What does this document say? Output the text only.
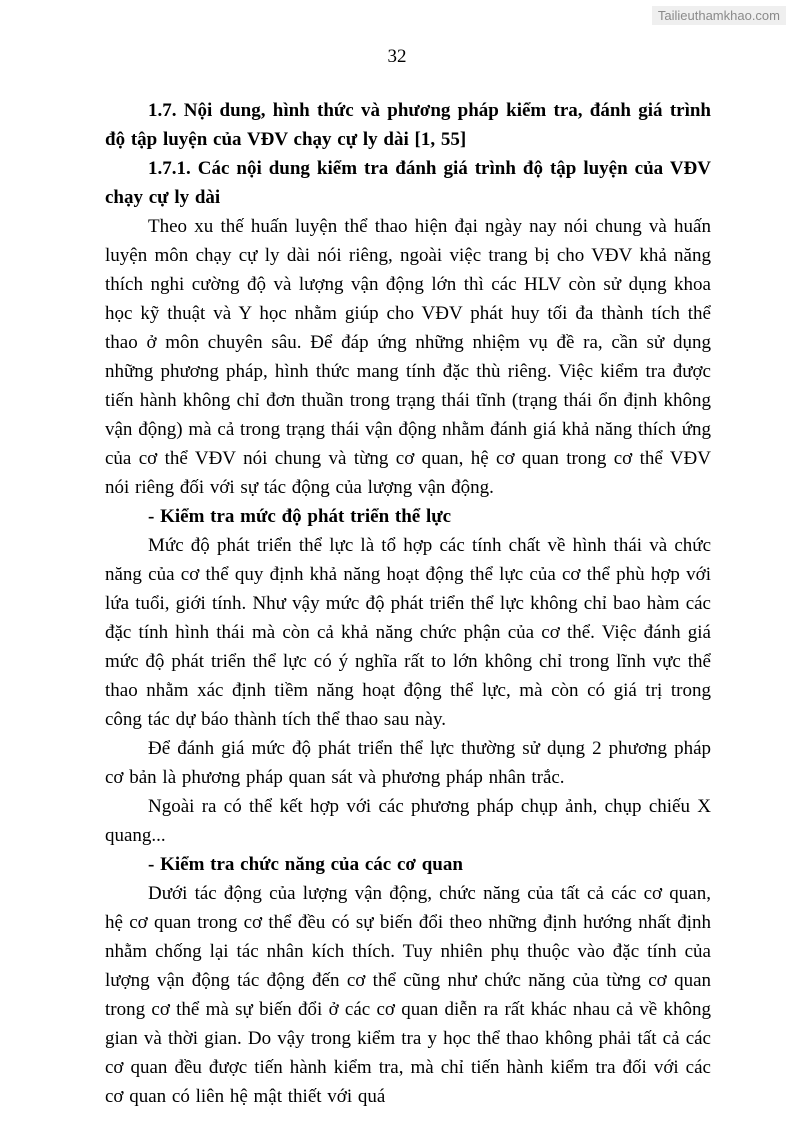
Tailieuthamkhao.com
32

1.7. Nội dung, hình thức và phương pháp kiểm tra, đánh giá trình độ tập luyện của VĐV chạy cự ly dài [1, 55]

1.7.1. Các nội dung kiểm tra đánh giá trình độ tập luyện của VĐV chạy cự ly dài

Theo xu thế huấn luyện thể thao hiện đại ngày nay nói chung và huấn luyện môn chạy cự ly dài nói riêng, ngoài việc trang bị cho VĐV khả năng thích nghi cường độ và lượng vận động lớn thì các HLV còn sử dụng khoa học kỹ thuật và Y học nhằm giúp cho VĐV phát huy tối đa thành tích thể thao ở môn chuyên sâu. Để đáp ứng những nhiệm vụ đề ra, cần sử dụng những phương pháp, hình thức mang tính đặc thù riêng. Việc kiểm tra được tiến hành không chỉ đơn thuần trong trạng thái tĩnh (trạng thái ổn định không vận động) mà cả trong trạng thái vận động nhằm đánh giá khả năng thích ứng của cơ thể VĐV nói chung và từng cơ quan, hệ cơ quan trong cơ thể VĐV nói riêng đối với sự tác động của lượng vận động.

- Kiểm tra mức độ phát triển thể lực

Mức độ phát triển thể lực là tổ hợp các tính chất về hình thái và chức năng của cơ thể quy định khả năng hoạt động thể lực của cơ thể phù hợp với lứa tuổi, giới tính. Như vậy mức độ phát triển thể lực không chỉ bao hàm các đặc tính hình thái mà còn cả khả năng chức phận của cơ thể. Việc đánh giá mức độ phát triển thể lực có ý nghĩa rất to lớn không chỉ trong lĩnh vực thể thao nhằm xác định tiềm năng hoạt động thể lực, mà còn có giá trị trong công tác dự báo thành tích thể thao sau này.

Để đánh giá mức độ phát triển thể lực thường sử dụng 2 phương pháp cơ bản là phương pháp quan sát và phương pháp nhân trắc.

Ngoài ra có thể kết hợp với các phương pháp chụp ảnh, chụp chiếu X quang...

- Kiểm tra chức năng của các cơ quan

Dưới tác động của lượng vận động, chức năng của tất cả các cơ quan, hệ cơ quan trong cơ thể đều có sự biến đổi theo những định hướng nhất định nhằm chống lại tác nhân kích thích. Tuy nhiên phụ thuộc vào đặc tính của lượng vận động tác động đến cơ thể cũng như chức năng của từng cơ quan trong cơ thể mà sự biến đổi ở các cơ quan diễn ra rất khác nhau cả về không gian và thời gian. Do vậy trong kiểm tra y học thể thao không phải tất cả các cơ quan đều được tiến hành kiểm tra, mà chỉ tiến hành kiểm tra đối với các cơ quan có liên hệ mật thiết với quá
